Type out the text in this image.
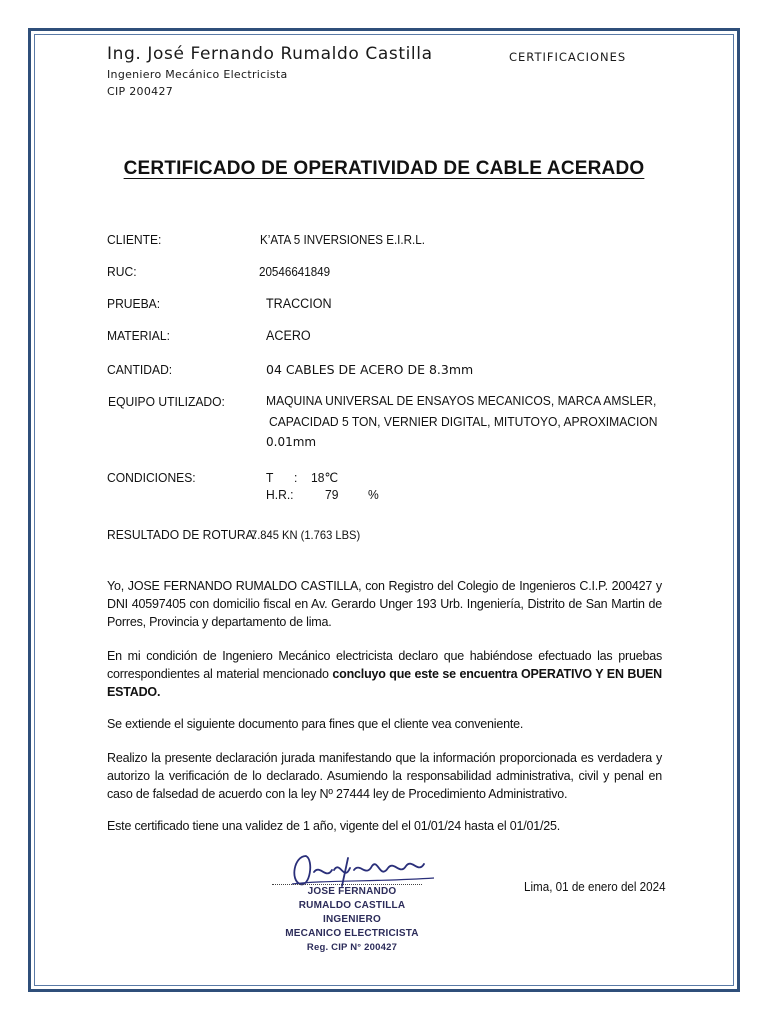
Ing. José Fernando Rumaldo Castilla
Ingeniero Mecánico Electricista
CIP 200427
CERTIFICACIONES
CERTIFICADO DE OPERATIVIDAD DE CABLE ACERADO
CLIENTE:	K’ATA 5 INVERSIONES E.I.R.L.
RUC:	20546641849
PRUEBA:	TRACCION
MATERIAL:	ACERO
CANTIDAD:	04 CABLES DE ACERO DE 8.3mm
EQUIPO UTILIZADO:	MAQUINA UNIVERSAL DE ENSAYOS MECANICOS, MARCA AMSLER,
CAPACIDAD 5 TON, VERNIER DIGITAL, MITUTOYO, APROXIMACION
0.01mm
CONDICIONES:	T : 18℃
H.R.: 79 %
RESULTADO DE ROTURA:
7.845 KN (1.763 LBS)
Yo, JOSE FERNANDO RUMALDO CASTILLA, con Registro del Colegio de Ingenieros C.I.P. 200427 y DNI 40597405 con domicilio fiscal en Av. Gerardo Unger 193 Urb. Ingeniería, Distrito de San Martin de Porres, Provincia y departamento de lima.
En mi condición de Ingeniero Mecánico electricista declaro que habiéndose efectuado las pruebas correspondientes al material mencionado concluyo que este se encuentra OPERATIVO Y EN BUEN ESTADO.
Se extiende el siguiente documento para fines que el cliente vea conveniente.
Realizo la presente declaración jurada manifestando que la información proporcionada es verdadera y autorizo la verificación de lo declarado. Asumiendo la responsabilidad administrativa, civil y penal en caso de falsedad de acuerdo con la ley Nº 27444 ley de Procedimiento Administrativo.
Este certificado tiene una validez de 1 año, vigente del el 01/01/24 hasta el 01/01/25.
JOSE FERNANDO
RUMALDO CASTILLA
INGENIERO
MECANICO ELECTRICISTA
Reg. CIP N° 200427
Lima, 01 de enero del 2024
